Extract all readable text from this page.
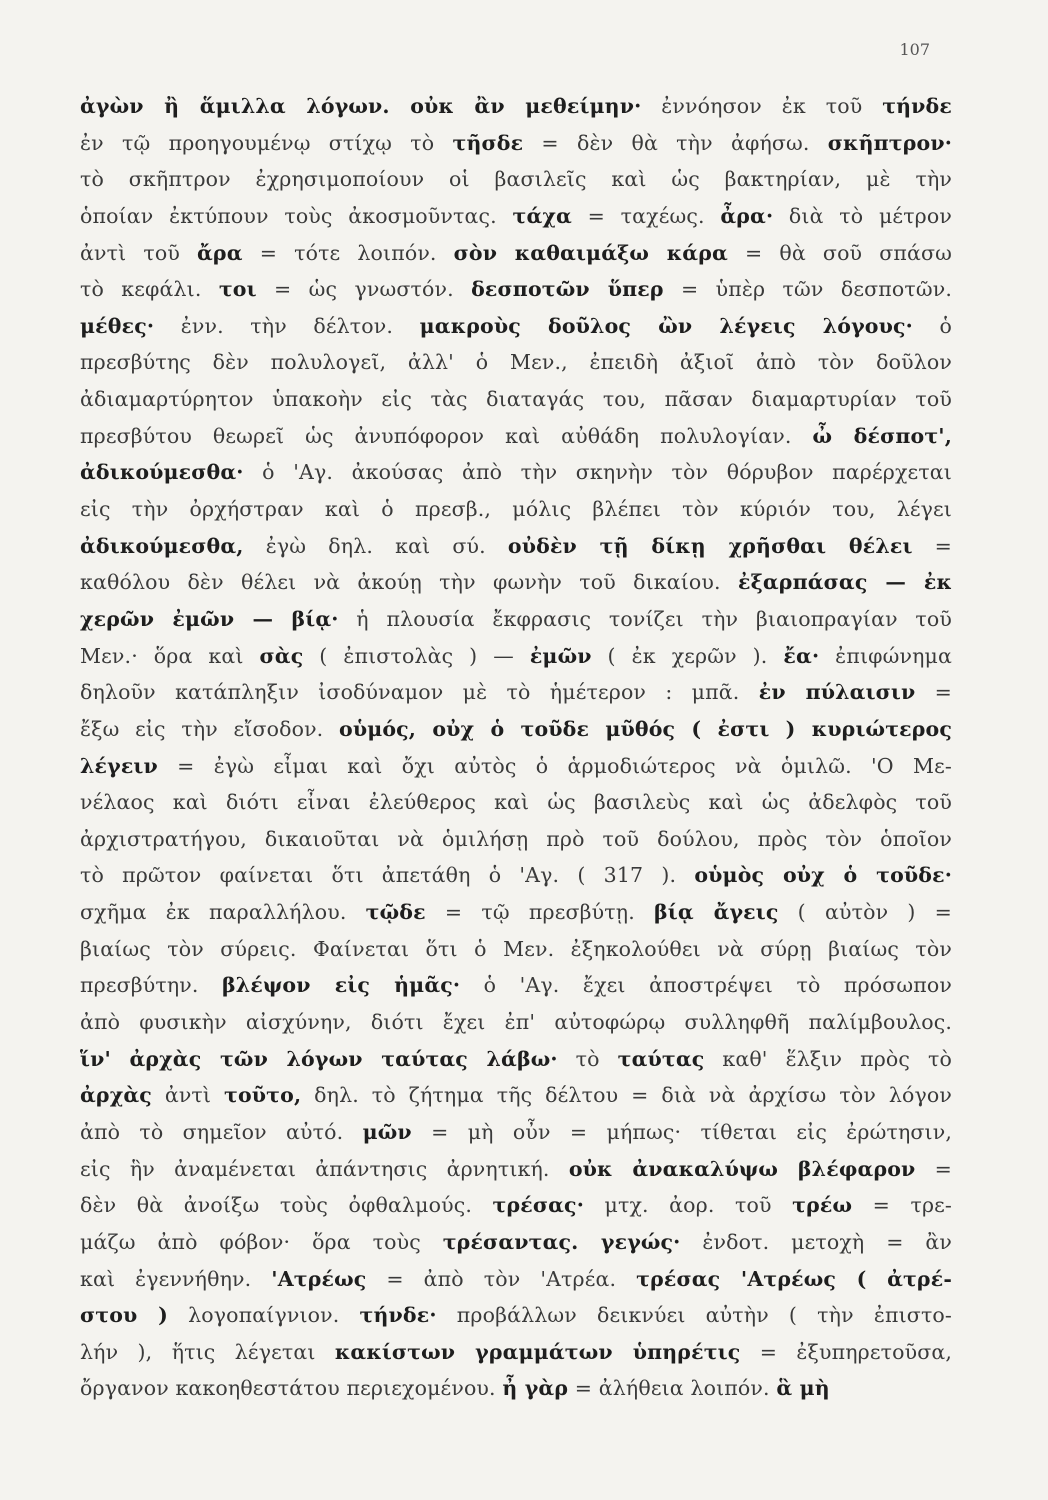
107
ἀγὼν ἢ ἅμιλλα λόγων. οὐκ ἂν μεθείμην· ἐννόησον ἐκ τοῦ τήνδε
ἐν τῷ προηγουμένῳ στίχῳ τὸ τῆσδε = δὲν θὰ τὴν ἀφήσω. σκῆπτρον·
τὸ σκῆπτρον ἐχρησιμοποίουν οἱ βασιλεῖς καὶ ὡς βακτηρίαν, μὲ τὴν
ὁποίαν ἐκτύπουν τοὺς ἀκοσμοῦντας. τάχα = ταχέως. ἆρα· διὰ τὸ μέτρον
ἀντὶ τοῦ ἄρα = τότε λοιπόν. σὸν καθαιμάξω κάρα = θὰ σοῦ σπάσω
τὸ κεφάλι. τοι = ὡς γνωστόν. δεσποτῶν ὕπερ = ὑπὲρ τῶν δεσποτῶν.
μέθες· ἐνν. τὴν δέλτον. μακροὺς δοῦλος ὢν λέγεις λόγους· ὁ
πρεσβύτης δὲν πολυλογεῖ, ἀλλ' ὁ Μεν., ἐπειδὴ ἀξιοῖ ἀπὸ τὸν δοῦλον
ἀδιαμαρτύρητον ὑπακοὴν εἰς τὰς διαταγάς του, πᾶσαν διαμαρτυρίαν τοῦ
πρεσβύτου θεωρεῖ ὡς ἀνυπόφορον καὶ αὐθάδη πολυλογίαν. ὦ δέσποτ',
ἀδικούμεσθα· ὁ 'Αγ. ἀκούσας ἀπὸ τὴν σκηνὴν τὸν θόρυβον παρέρχεται
εἰς τὴν ὀρχήστραν καὶ ὁ πρεσβ., μόλις βλέπει τὸν κύριόν του, λέγει
ἀδικούμεσθα, ἐγὼ δηλ. καὶ σύ. οὐδὲν τῇ δίκῃ χρῆσθαι θέλει =
καθόλου δὲν θέλει νὰ ἀκούῃ τὴν φωνὴν τοῦ δικαίου. ἐξαρπάσας — ἐκ
χερῶν ἐμῶν — βίᾳ· ἡ πλουσία ἔκφρασις τονίζει τὴν βιαιοπραγίαν τοῦ
Μεν.· ὅρα καὶ σὰς ( ἐπιστολὰς ) — ἐμῶν ( ἐκ χερῶν ). ἔα· ἐπιφώνημα
δηλοῦν κατάπληξιν ἰσοδύναμον μὲ τὸ ἡμέτερον : μπᾶ. ἐν πύλαισιν =
ἔξω εἰς τὴν εἴσοδον. οὑμός, οὐχ ὁ τοῦδε μῦθός ( ἐστι ) κυριώτερος
λέγειν = ἐγὼ εἶμαι καὶ ὄχι αὐτὸς ὁ ἁρμοδιώτερος νὰ ὁμιλῶ. 'Ο Με-
νέλαος καὶ διότι εἶναι ἐλεύθερος καὶ ὡς βασιλεὺς καὶ ὡς ἀδελφὸς τοῦ
ἀρχιστρατήγου, δικαιοῦται νὰ ὁμιλήσῃ πρὸ τοῦ δούλου, πρὸς τὸν ὁποῖον
τὸ πρῶτον φαίνεται ὅτι ἀπετάθη ὁ 'Αγ. ( 317 ). οὑμὸς οὐχ ὁ τοῦδε·
σχῆμα ἐκ παραλλήλου. τῷδε = τῷ πρεσβύτῃ. βίᾳ ἄγεις ( αὐτὸν ) =
βιαίως τὸν σύρεις. Φαίνεται ὅτι ὁ Μεν. ἐξηκολούθει νὰ σύρῃ βιαίως τὸν
πρεσβύτην. βλέψον εἰς ἡμᾶς· ὁ 'Αγ. ἔχει ἀποστρέψει τὸ πρόσωπον
ἀπὸ φυσικὴν αἰσχύνην, διότι ἔχει ἐπ' αὐτοφώρῳ συλληφθῆ παλίμβουλος.
ἵν' ἀρχὰς τῶν λόγων ταύτας λάβω· τὸ ταύτας καθ' ἕλξιν πρὸς τὸ
ἀρχὰς ἀντὶ τοῦτο, δηλ. τὸ ζήτημα τῆς δέλτου = διὰ νὰ ἀρχίσω τὸν λόγον
ἀπὸ τὸ σημεῖον αὐτό. μῶν = μὴ οὖν = μήπως· τίθεται εἰς ἐρώτησιν,
εἰς ἣν ἀναμένεται ἀπάντησις ἀρνητική. οὐκ ἀνακαλύψω βλέφαρον =
δὲν θὰ ἀνοίξω τοὺς ὀφθαλμούς. τρέσας· μτχ. ἀορ. τοῦ τρέω = τρε-
μάζω ἀπὸ φόβον· ὅρα τοὺς τρέσαντας. γεγώς· ἐνδοτ. μετοχὴ = ἂν
καὶ ἐγεννήθην. 'Ατρέως = ἀπὸ τὸν 'Ατρέα. τρέσας 'Ατρέως ( ἀτρέ-
στου ) λογοπαίγνιον. τήνδε· προβάλλων δεικνύει αὐτὴν ( τὴν ἐπιστο-
λήν ), ἥτις λέγεται κακίστων γραμμάτων ὑπηρέτις = ἐξυπηρετοῦσα,
ὄργανον κακοηθεστάτου περιεχομένου. ἦ γὰρ = ἀλήθεια λοιπόν. ἃ μὴ
